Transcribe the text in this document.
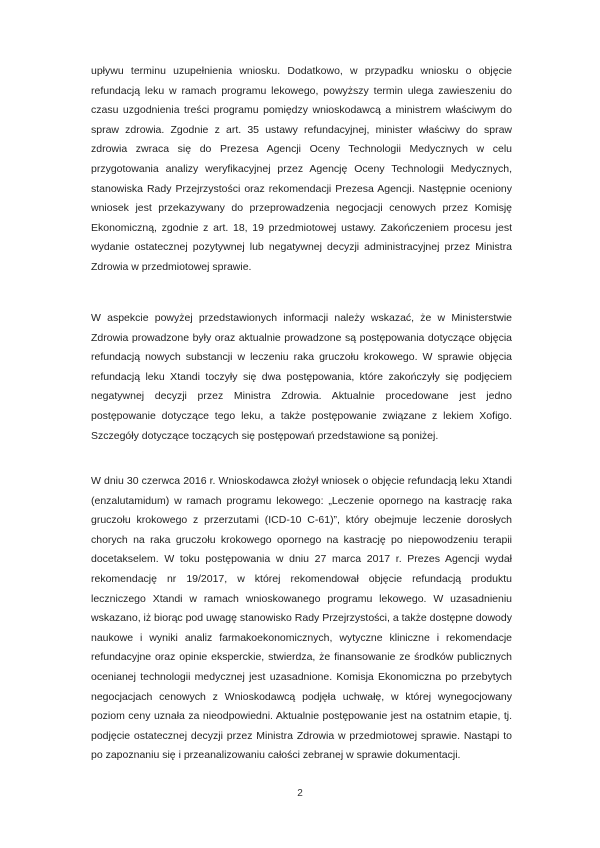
upływu terminu uzupełnienia wniosku. Dodatkowo, w przypadku wniosku o objęcie refundacją leku w ramach programu lekowego, powyższy termin ulega zawieszeniu do czasu uzgodnienia treści programu pomiędzy wnioskodawcą a ministrem właściwym do spraw zdrowia. Zgodnie z art. 35 ustawy refundacyjnej, minister właściwy do spraw zdrowia zwraca się do Prezesa Agencji Oceny Technologii Medycznych w celu przygotowania analizy weryfikacyjnej przez Agencję Oceny Technologii Medycznych, stanowiska Rady Przejrzystości oraz rekomendacji Prezesa Agencji. Następnie oceniony wniosek jest przekazywany do przeprowadzenia negocjacji cenowych przez Komisję Ekonomiczną, zgodnie z art. 18, 19 przedmiotowej ustawy. Zakończeniem procesu jest wydanie ostatecznej pozytywnej lub negatywnej decyzji administracyjnej przez Ministra Zdrowia w przedmiotowej sprawie.

W aspekcie powyżej przedstawionych informacji należy wskazać, że w Ministerstwie Zdrowia prowadzone były oraz aktualnie prowadzone są postępowania dotyczące objęcia refundacją nowych substancji w leczeniu raka gruczołu krokowego. W sprawie objęcia refundacją leku Xtandi toczyły się dwa postępowania, które zakończyły się podjęciem negatywnej decyzji przez Ministra Zdrowia. Aktualnie procedowane jest jedno postępowanie dotyczące tego leku, a także postępowanie związane z lekiem Xofigo. Szczegóły dotyczące toczących się postępowań przedstawione są poniżej.

W dniu 30 czerwca 2016 r. Wnioskodawca złożył wniosek o objęcie refundacją leku Xtandi (enzalutamidum) w ramach programu lekowego: „Leczenie opornego na kastrację raka gruczołu krokowego z przerzutami (ICD-10 C-61)”, który obejmuje leczenie dorosłych chorych na raka gruczołu krokowego opornego na kastrację po niepowodzeniu terapii docetakselem. W toku postępowania w dniu 27 marca 2017 r. Prezes Agencji wydał rekomendację nr 19/2017, w której rekomendował objęcie refundacją produktu leczniczego Xtandi w ramach wnioskowanego programu lekowego. W uzasadnieniu wskazano, iż biorąc pod uwagę stanowisko Rady Przejrzystości, a także dostępne dowody naukowe i wyniki analiz farmakoekonomicznych, wytyczne kliniczne i rekomendacje refundacyjne oraz opinie eksperckie, stwierdza, że finansowanie ze środków publicznych ocenianej technologii medycznej jest uzasadnione. Komisja Ekonomiczna po przebytych negocjacjach cenowych z Wnioskodawcą podjęła uchwałę, w której wynegocjowany poziom ceny uznała za nieodpowiedni. Aktualnie postępowanie jest na ostatnim etapie, tj. podjęcie ostatecznej decyzji przez Ministra Zdrowia w przedmiotowej sprawie. Nastąpi to po zapoznaniu się i przeanalizowaniu całości zebranej w sprawie dokumentacji.

2
